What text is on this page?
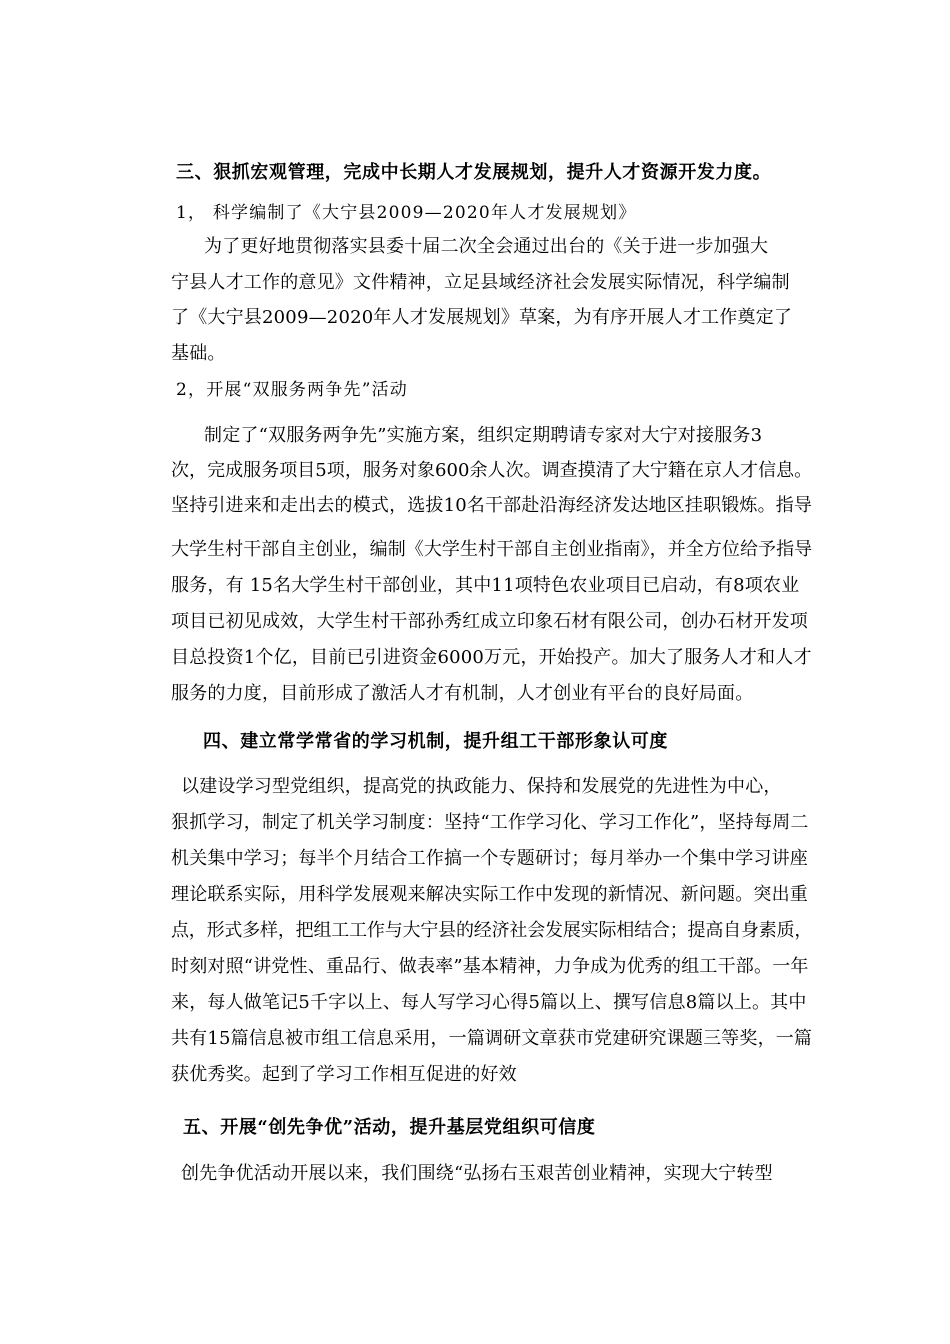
三、狠抓宏观管理，完成中长期人才发展规划，提升人才资源开发力度。
1， 科学编制了《大宁县2009—2020年人才发展规划》
为了更好地贯彻落实县委十届二次全会通过出台的《关于进一步加强大
宁县人才工作的意见》文件精神，立足县域经济社会发展实际情况，科学编制
了《大宁县2009—2020年人才发展规划》草案，为有序开展人才工作奠定了
基础。
2，开展“双服务两争先”活动
制定了“双服务两争先”实施方案，组织定期聘请专家对大宁对接服务3
次，完成服务项目5项，服务对象600余人次。调查摸清了大宁籍在京人才信息。
坚持引进来和走出去的模式，选拔10名干部赴沿海经济发达地区挂职锻炼。指导
大学生村干部自主创业，编制《大学生村干部自主创业指南》，并全方位给予指导
服务，有 15名大学生村干部创业，其中11项特色农业项目已启动，有8项农业
项目已初见成效，大学生村干部孙秀红成立印象石材有限公司，创办石材开发项
目总投资1个亿，目前已引进资金6000万元，开始投产。加大了服务人才和人才
服务的力度，目前形成了激活人才有机制，人才创业有平台的良好局面。
四、建立常学常省的学习机制，提升组工干部形象认可度
以建设学习型党组织，提高党的执政能力、保持和发展党的先进性为中心，
狠抓学习，制定了机关学习制度：坚持“工作学习化、学习工作化”，坚持每周二
机关集中学习；每半个月结合工作搞一个专题研讨；每月举办一个集中学习讲座
理论联系实际，用科学发展观来解决实际工作中发现的新情况、新问题。突出重
点，形式多样，把组工工作与大宁县的经济社会发展实际相结合；提高自身素质，
时刻对照“讲党性、重品行、做表率”基本精神，力争成为优秀的组工干部。一年
来，每人做笔记5千字以上、每人写学习心得5篇以上、撰写信息8篇以上。其中
共有15篇信息被市组工信息采用，一篇调研文章获市党建研究课题三等奖，一篇
获优秀奖。起到了学习工作相互促进的好效
五、开展“创先争优”活动，提升基层党组织可信度
创先争优活动开展以来，我们围绕“弘扬右玉艰苦创业精神，实现大宁转型
